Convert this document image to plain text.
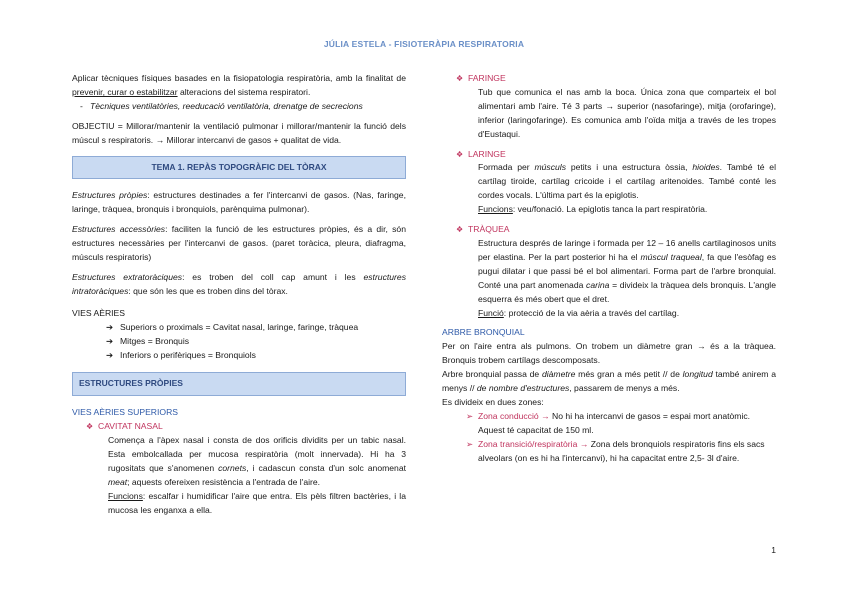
JÚLIA ESTELA - FISIOTERÀPIA RESPIRATORIA

Aplicar tècniques físiques basades en la fisiopatologia respiratòria, amb la finalitat de prevenir, curar o estabilitzar alteracions del sistema respiratori.

- Tècniques ventilatòries, reeducació ventilatòria, drenatge de secrecions

OBJECTIU = Millorar/mantenir la ventilació pulmonar i millorar/mantenir la funció dels múscul s respiratoris. → Millorar intercanvi de gasos + qualitat de vida.

TEMA 1. REPÀS TOPOGRÀFIC DEL TÒRAX

Estructures pròpies: estructures destinades a fer l'intercanvi de gasos. (Nas, faringe, laringe, tràquea, bronquis i bronquiols, parènquima pulmonar).

Estructures accessòries: faciliten la funció de les estructures pròpies, és a dir, són estructures necessàries per l'intercanvi de gasos. (paret toràcica, pleura, diafragma, músculs respiratoris)

Estructures extratoràciques: es troben del coll cap amunt i les estructures intratoràciques: que són les que es troben dins del tòrax.

VIES AÈRIES

➔ Superiors o proximals = Cavitat nasal, laringe, faringe, tràquea
➔ Mitges = Bronquis
➔ Inferiors o perifèriques = Bronquiols
ESTRUCTURES PRÒPIES

VIES AÈRIES SUPERIORS

❖ CAVITAT NASAL

Comença a l'àpex nasal i consta de dos orificis dividits per un tabic nasal. Esta embolcallada per mucosa respiratòria (molt innervada). Hi ha 3 rugositats que s'anomenen cornets, i cadascun consta d'un solc anomenat meat; aquests ofereixen resistència a l'entrada de l'aire.

Funcions: escalfar i humidificar l'aire que entra. Els pèls filtren bactèries, i la mucosa les enganxa a ella.

❖ FARINGE

Tub que comunica el nas amb la boca. Única zona que comparteix el bol alimentari amb l'aire. Té 3 parts → superior (nasofaringe), mitja (orofaringe), inferior (laringofaringe). Es comunica amb l'oïda mitja a través de les tropes d'Eustaqui.

❖ LARINGE

Formada per músculs petits i una estructura òssia, hioides. També té el cartílag tiroide, cartílag cricoide i el cartílag aritenoides. També conté les cordes vocals. L'última part és la epiglotis.

Funcions: veu/fonació. La epiglotis tanca la part respiratòria.

❖ TRÀQUEA

Estructura després de laringe i formada per 12 – 16 anells cartilaginosos units per elastina. Per la part posterior hi ha el múscul traqueal, fa que l'esòfag es pugui dilatar i que passi bé el bol alimentari. Forma part de l'arbre bronquial. Conté una part anomenada carina = divideix la tràquea dels bronquis. L'angle esquerra és més obert que el dret.

Funció: protecció de la via aèria a través del cartílag.

ARBRE BRONQUIAL

Per on l'aire entra als pulmons. On trobem un diàmetre gran → és a la tràquea. Bronquis trobem cartílags descomposats.

Arbre bronquial passa de diàmetre més gran a més petit // de longitud també anirem a menys // de nombre d'estructures, passarem de menys a més.

Es divideix en dues zones:

➢ Zona conducció → No hi ha intercanvi de gasos = espai mort anatòmic. Aquest té capacitat de 150 ml.
➢ Zona transició/respiratòria → Zona dels bronquiols respiratoris fins els sacs alveolars (on es hi ha l'intercanvi), hi ha capacitat entre 2,5- 3l d'aire.
1
